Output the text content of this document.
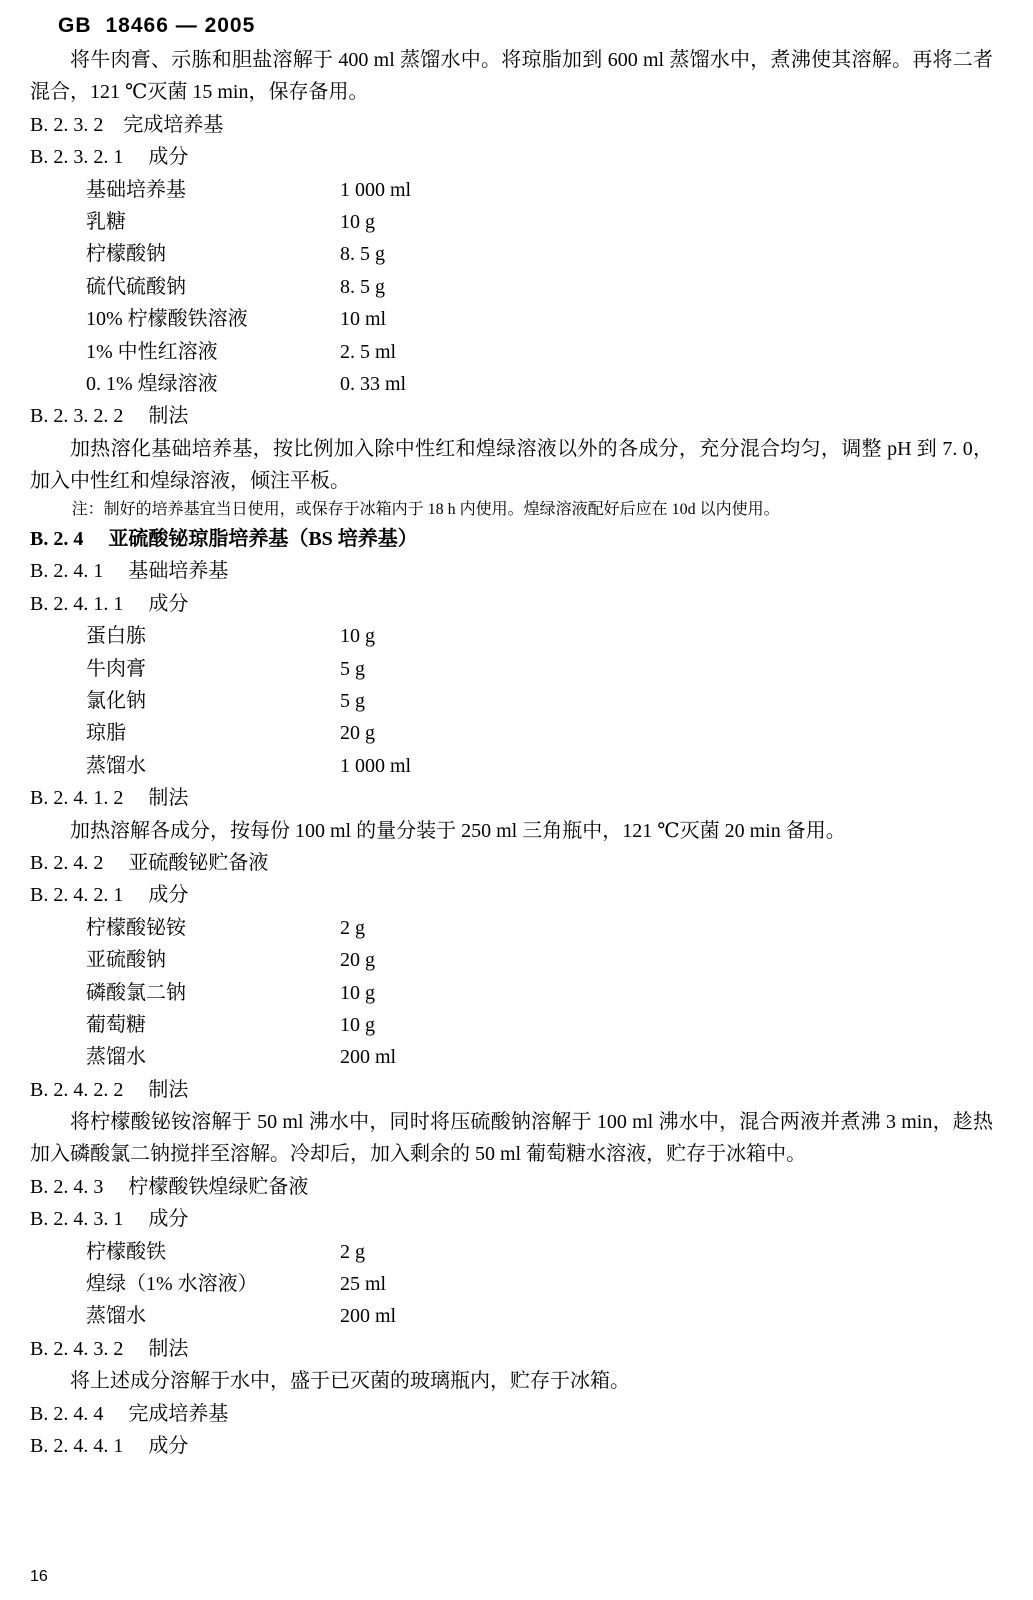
GB 18466 — 2005

将牛肉膏、示胨和胆盐溶解于 400 ml 蒸馏水中。将琼脂加到 600 ml 蒸馏水中，煮沸使其溶解。再将二者混合，121 ℃灭菌 15 min，保存备用。

B. 2. 3. 2　完成培养基

B. 2. 3. 2. 1　 成分

基础培养基	1 000 ml
乳糖	10 g
柠檬酸钠	8. 5 g
硫代硫酸钠	8. 5 g
10% 柠檬酸铁溶液	10 ml
1% 中性红溶液	2. 5 ml
0. 1% 煌绿溶液	0. 33 ml

B. 2. 3. 2. 2　 制法

加热溶化基础培养基，按比例加入除中性红和煌绿溶液以外的各成分，充分混合均匀，调整 pH 到 7. 0，加入中性红和煌绿溶液，倾注平板。

注：制好的培养基宜当日使用，或保存于冰箱内于 18 h 内使用。煌绿溶液配好后应在 10d 以内使用。

B. 2. 4　 亚硫酸铋琼脂培养基（BS 培养基）

B. 2. 4. 1　 基础培养基

B. 2. 4. 1. 1　 成分

蛋白胨	10 g
牛肉膏	5 g
氯化钠	5 g
琼脂	20 g
蒸馏水	1 000 ml

B. 2. 4. 1. 2　 制法

加热溶解各成分，按每份 100 ml 的量分装于 250 ml 三角瓶中，121 ℃灭菌 20 min 备用。

B. 2. 4. 2　 亚硫酸铋贮备液

B. 2. 4. 2. 1　 成分

柠檬酸铋铵	2 g
亚硫酸钠	20 g
磷酸氯二钠	10 g
葡萄糖	10 g
蒸馏水	200 ml

B. 2. 4. 2. 2　 制法

将柠檬酸铋铵溶解于 50 ml 沸水中，同时将压硫酸钠溶解于 100 ml 沸水中，混合两液并煮沸 3 min，趁热加入磷酸氯二钠搅拌至溶解。冷却后，加入剩余的 50 ml 葡萄糖水溶液，贮存于冰箱中。

B. 2. 4. 3　 柠檬酸铁煌绿贮备液

B. 2. 4. 3. 1　 成分

柠檬酸铁	2 g
煌绿（1% 水溶液）	25 ml
蒸馏水	200 ml

B. 2. 4. 3. 2　 制法

将上述成分溶解于水中，盛于已灭菌的玻璃瓶内，贮存于冰箱。

B. 2. 4. 4　 完成培养基

B. 2. 4. 4. 1　 成分

16
